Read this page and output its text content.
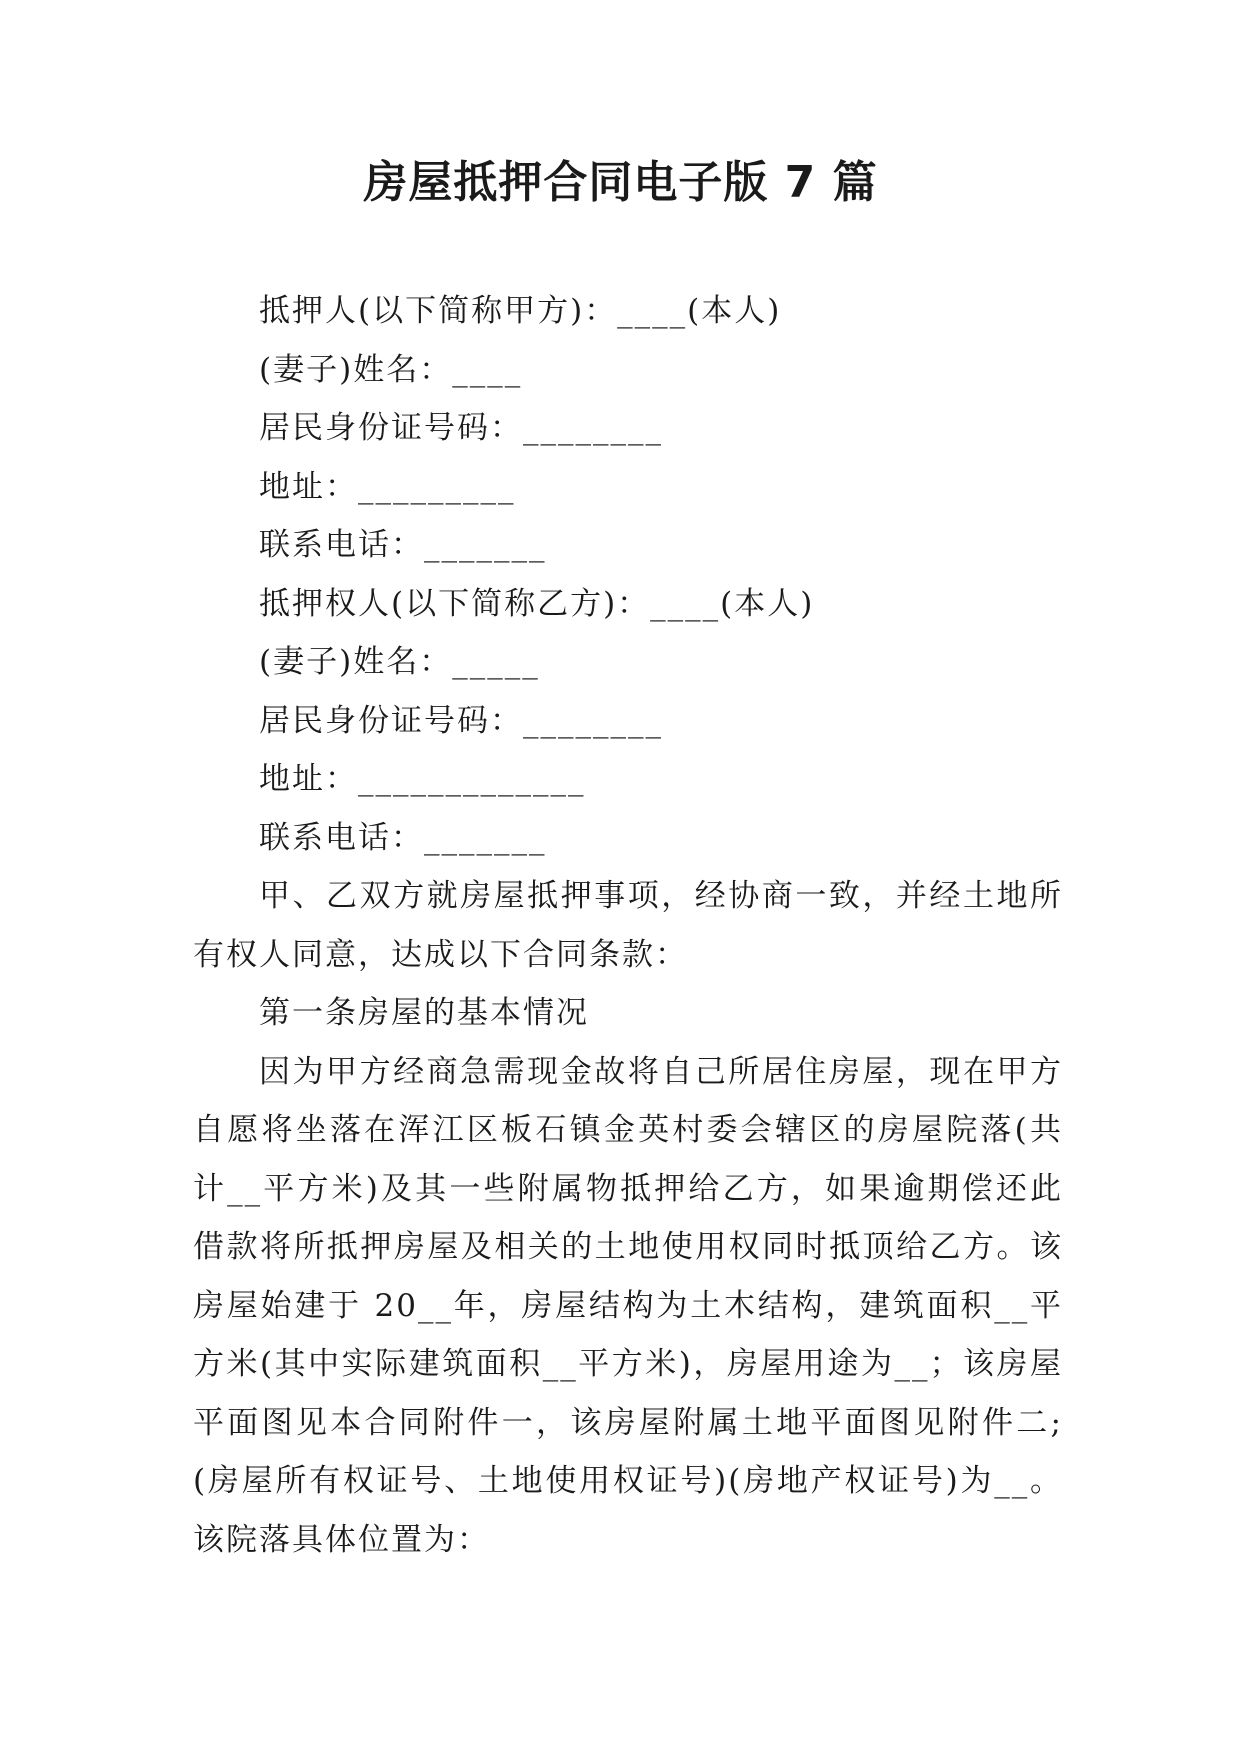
房屋抵押合同电子版 7 篇

抵押人(以下简称甲方)：____(本人)

(妻子)姓名：____

居民身份证号码：________

地址：_________

联系电话：_______

抵押权人(以下简称乙方)：____(本人)

(妻子)姓名：_____

居民身份证号码：________

地址：_____________

联系电话：_______

甲、乙双方就房屋抵押事项，经协商一致，并经土地所有权人同意，达成以下合同条款：

第一条房屋的基本情况

因为甲方经商急需现金故将自己所居住房屋，现在甲方自愿将坐落在浑江区板石镇金英村委会辖区的房屋院落(共计__平方米)及其一些附属物抵押给乙方，如果逾期偿还此借款将所抵押房屋及相关的土地使用权同时抵顶给乙方。该房屋始建于 20__年，房屋结构为土木结构，建筑面积__平方米(其中实际建筑面积__平方米)，房屋用途为__；该房屋平面图见本合同附件一，该房屋附属土地平面图见附件二;(房屋所有权证号、土地使用权证号)(房地产权证号)为__。该院落具体位置为：
